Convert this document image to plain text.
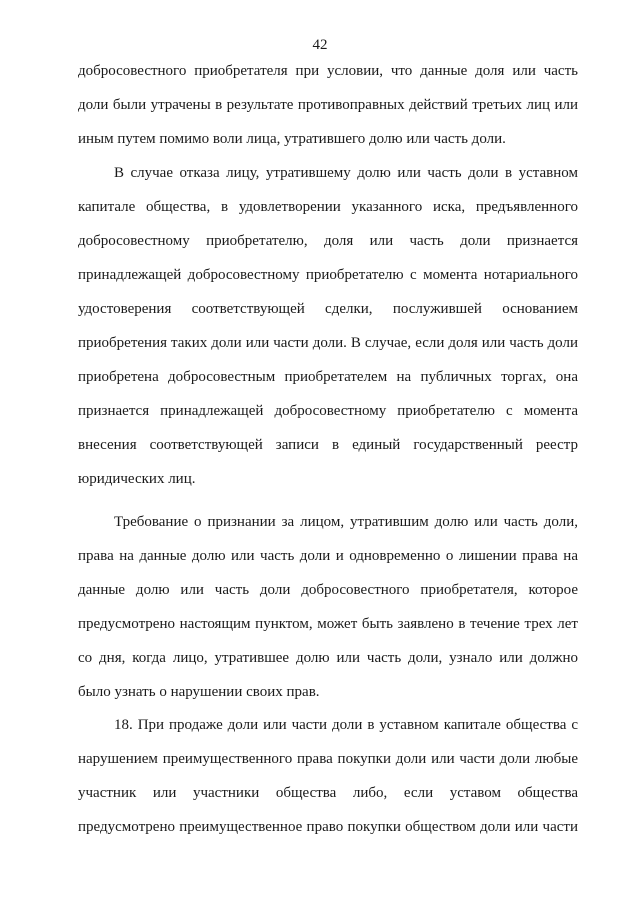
42
добросовестного приобретателя при условии, что данные доля или часть
доли были утрачены в результате противоправных действий третьих лиц или
иным путем помимо воли лица, утратившего долю или часть доли.
В случае отказа лицу, утратившему долю или часть доли в уставном
капитале общества, в удовлетворении указанного иска, предъявленного
добросовестному приобретателю, доля или часть доли признается
принадлежащей добросовестному приобретателю с момента нотариального
удостоверения соответствующей сделки, послужившей основанием
приобретения таких доли или части доли. В случае, если доля или часть доли
приобретена добросовестным приобретателем на публичных торгах, она
признается принадлежащей добросовестному приобретателю с момента
внесения соответствующей записи в единый государственный реестр
юридических лиц.
Требование о признании за лицом, утратившим долю или часть доли,
права на данные долю или часть доли и одновременно о лишении права на
данные долю или часть доли добросовестного приобретателя, которое
предусмотрено настоящим пунктом, может быть заявлено в течение трех лет
со дня, когда лицо, утратившее долю или часть доли, узнало или должно
было узнать о нарушении своих прав.
18. При продаже доли или части доли в уставном капитале общества с
нарушением преимущественного права покупки доли или части доли любые
участник или участники общества либо, если уставом общества
предусмотрено преимущественное право покупки обществом доли или части
